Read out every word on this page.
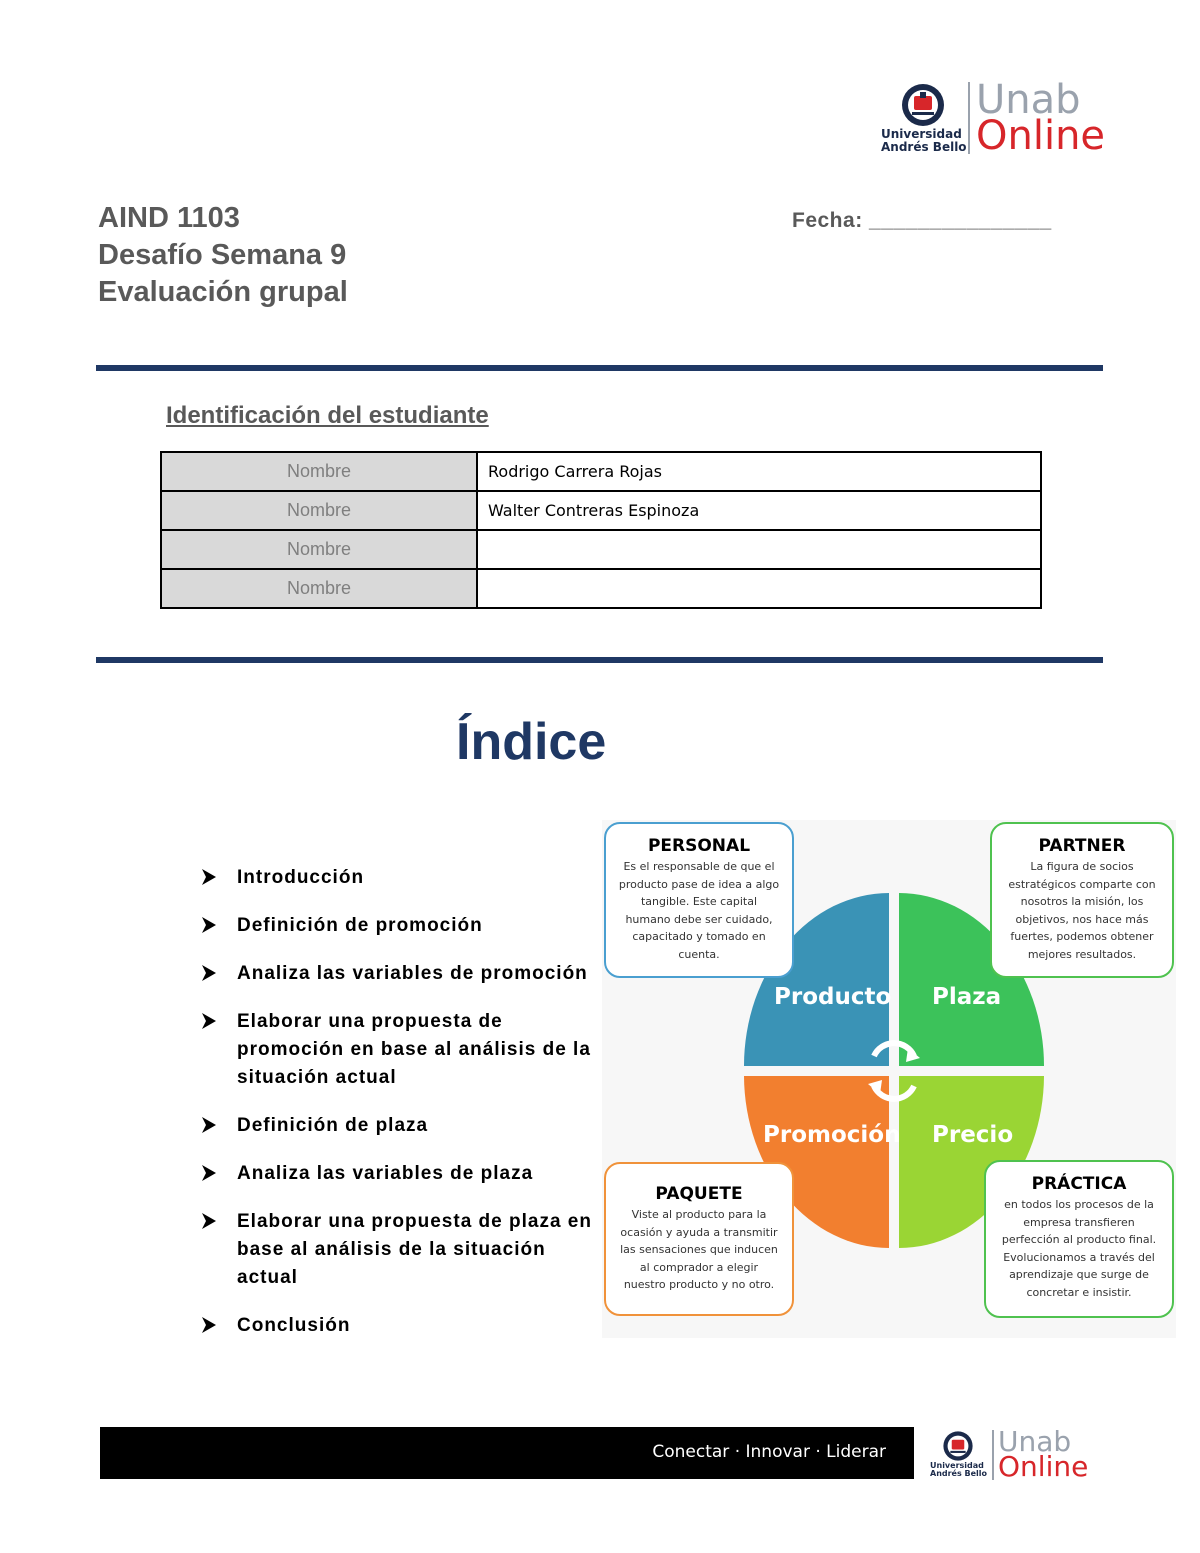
Universidad
Andrés Bello
Unab
Online
AIND 1103
Desafío Semana 9
Evaluación grupal
Fecha: _______________
Identificación del estudiante
Nombre	Rodrigo Carrera Rojas
Nombre	Walter Contreras Espinoza
Nombre	
Nombre	
Índice
Introducción
Definición de promoción
Analiza las variables de promoción
Elaborar una propuesta de promoción en base al análisis de la situación actual
Definición de plaza
Analiza las variables de plaza
Elaborar una propuesta de plaza en base al análisis de la situación actual
Conclusión
Producto Plaza
Promoción Precio
PERSONAL
Es el responsable de que el producto pase de idea a algo tangible. Este capital humano debe ser cuidado, capacitado y tomado en cuenta.
PARTNER
La figura de socios estratégicos comparte con nosotros la misión, los objetivos, nos hace más fuertes, podemos obtener mejores resultados.
PAQUETE
Viste al producto para la ocasión y ayuda a transmitir las sensaciones que inducen al comprador a elegir nuestro producto y no otro.
PRÁCTICA
en todos los procesos de la empresa transfieren perfección al producto final. Evolucionamos a través del aprendizaje que surge de concretar e insistir.
Conectar · Innovar · Liderar
Universidad
Andrés Bello
Unab
Online
